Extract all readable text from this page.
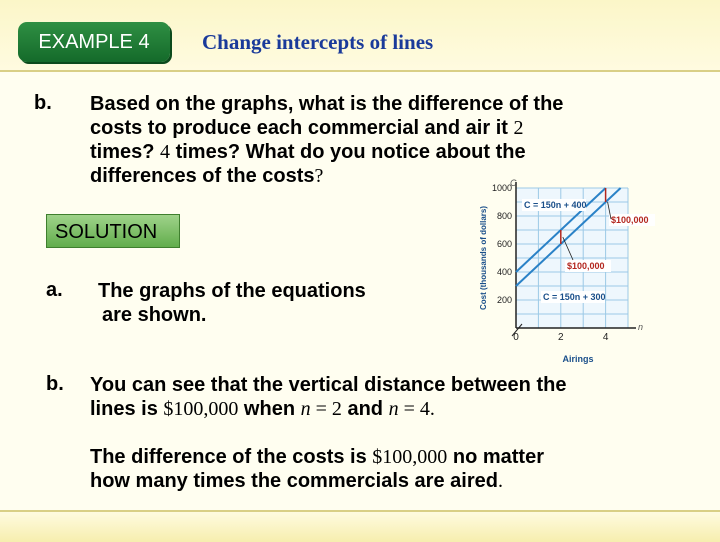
EXAMPLE 4	Change intercepts of lines
b. Based on the graphs, what is the difference of the
costs to produce each commercial and air it 2
times? 4 times? What do you notice about the
differences of the costs?
SOLUTION
a. The graphs of the equations
are shown.
C
n
200
400
600
800
1000
0	2	4
Airings
Cost (thousands of dollars)
C = 150n + 400
C = 150n + 300
$100,000
$100,000
b. You can see that the vertical distance between the
lines is $100,000 when n = 2 and n = 4.
The difference of the costs is $100,000 no matter
how many times the commercials are aired.
